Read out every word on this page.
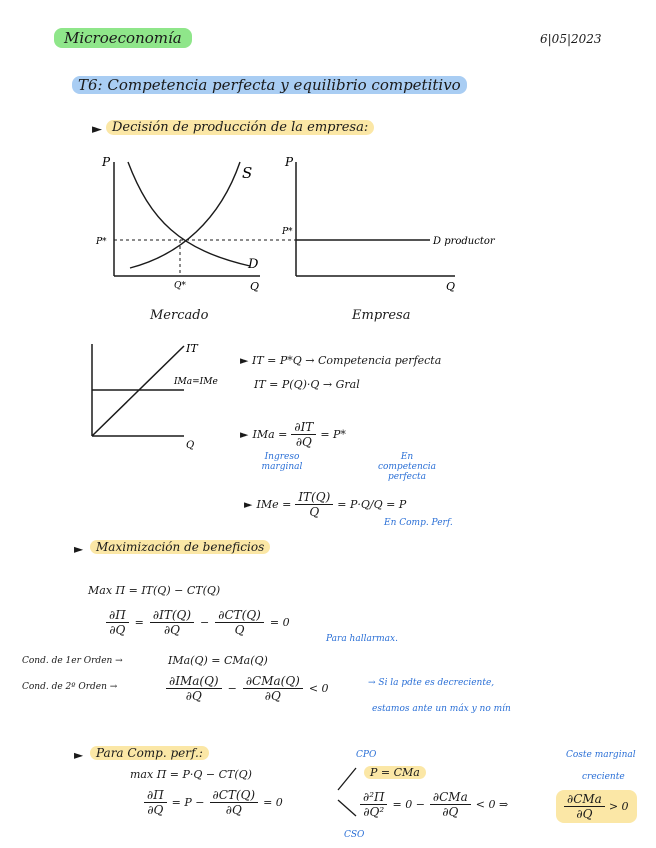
Microeconomía	6|05|2023
T6: Competencia perfecta y equilibrio competitivo
► Decisión de producción de la empresa:
P
S
D
P*
Q*	Q
P
P*
D productor
Q
Mercado	Empresa
IT
IMa=IMe
Q
► IT = P*Q → Competencia perfecta
IT = P(Q)·Q → Gral
► IMa = $\frac{\partial IT}{\partial Q} = P*$
Ingreso marginal
En competencia perfecta
► IMe = $\frac{IT(Q)}{Q} = P\cdot Q/Q = P$
En Comp. Perf.
►	Maximización de beneficios
Max Π = IT(Q) − CT(Q)
$\frac{\partial\Pi}{\partial Q} = \frac{\partial IT(Q)}{\partial Q} - \frac{\partial CT(Q)}{Q} = 0$
Para hallarmax.
Cond. de 1er Orden →	IMa(Q) = CMa(Q)
Cond. de 2º Orden →	$\frac{\text{∂IMa(Q)}}{\partial Q} - \frac{\text{∂CMa(Q)}}{\partial Q} < 0$	→ Si la pdte es decreciente,
estamos ante un máx y no mín
►	Para Comp. perf.:
max Π = P·Q − CT(Q)
$\frac{\partial\Pi}{\partial Q} = P - \frac{\partial CT(Q)}{\partial Q} = 0$
CPO
CSO
P = CMa
$\frac{\text{∂²Π}}{\text{∂Q²}} = 0 - \frac{\text{∂CMa}}{\partial Q} < 0$ ⇒
Coste marginal
creciente
$\frac{\text{∂CMa}}{\partial Q} > 0$
